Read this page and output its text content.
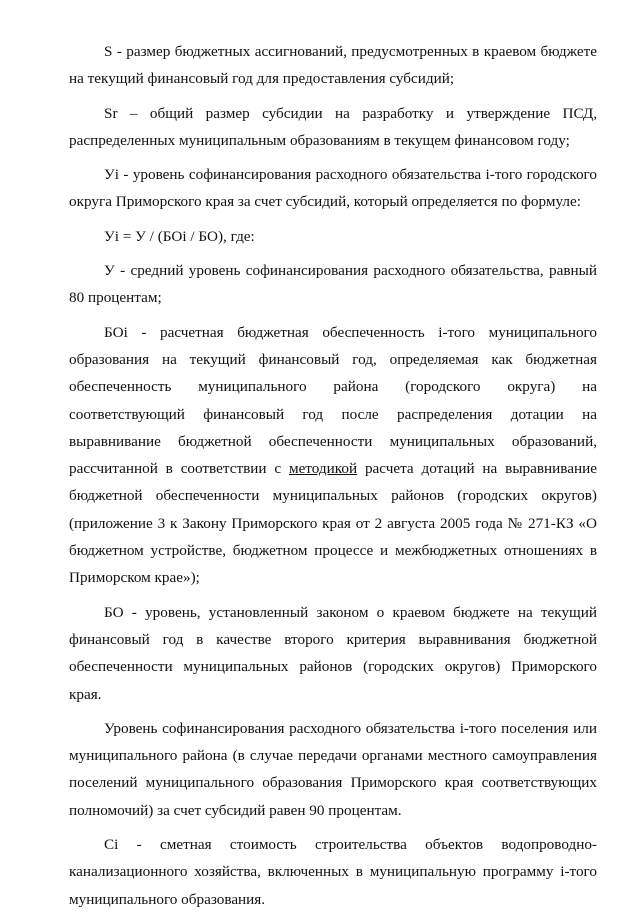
S - размер бюджетных ассигнований, предусмотренных в краевом бюджете на текущий финансовый год для предоставления субсидий;

Sr – общий размер субсидии на разработку и утверждение ПСД, распределенных муниципальным образованиям в текущем финансовом году;

Уi - уровень софинансирования расходного обязательства i-того городского округа Приморского края за счет субсидий, который определяется по формуле:

Уi = У / (БОi / БО), где:

У - средний уровень софинансирования расходного обязательства, равный 80 процентам;

БОi - расчетная бюджетная обеспеченность i-того муниципального образования на текущий финансовый год, определяемая как бюджетная обеспеченность муниципального района (городского округа) на соответствующий финансовый год после распределения дотации на выравнивание бюджетной обеспеченности муниципальных образований, рассчитанной в соответствии с методикой расчета дотаций на выравнивание бюджетной обеспеченности муниципальных районов (городских округов) (приложение 3 к Закону Приморского края от 2 августа 2005 года № 271-КЗ «О бюджетном устройстве, бюджетном процессе и межбюджетных отношениях в Приморском крае»);

БО - уровень, установленный законом о краевом бюджете на текущий финансовый год в качестве второго критерия выравнивания бюджетной обеспеченности муниципальных районов (городских округов) Приморского края.

Уровень софинансирования расходного обязательства i-того поселения или муниципального района (в случае передачи органами местного самоуправления поселений муниципального образования Приморского края соответствующих полномочий) за счет субсидий равен 90 процентам.

Сi - сметная стоимость строительства объектов водопроводно-канализационного хозяйства, включенных в муниципальную программу i-того муниципального образования.
